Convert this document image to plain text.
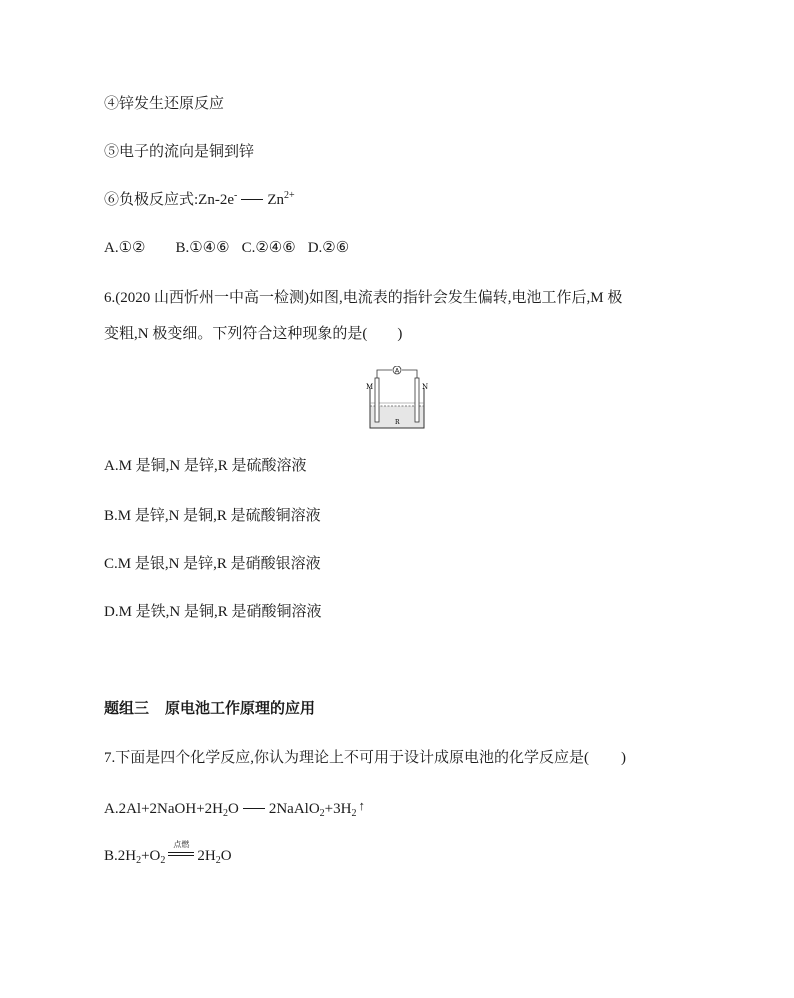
④锌发生还原反应
⑤电子的流向是铜到锌
⑥负极反应式:Zn-2e- $Zn^{2+}$
A.①② B.①④⑥ C.②④⑥ D.②⑥
6.(2020 山西忻州一中高一检测)如图,电流表的指针会发生偏转,电池工作后,M 极
变粗,N 极变细。下列符合这种现象的是( )
A
M	N
R
A.M 是铜,N 是锌,R 是硫酸溶液
B.M 是锌,N 是铜,R 是硫酸铜溶液
C.M 是银,N 是锌,R 是硝酸银溶液
D.M 是铁,N 是铜,R 是硝酸铜溶液
题组三 原电池工作原理的应用
7.下面是四个化学反应,你认为理论上不可用于设计成原电池的化学反应是( )
$A.2Al+2NaOH+2H_2O$ $2NaAlO_2+3H_2↑$
$B.2H_2+O_2$
点燃
$2H_2O$
